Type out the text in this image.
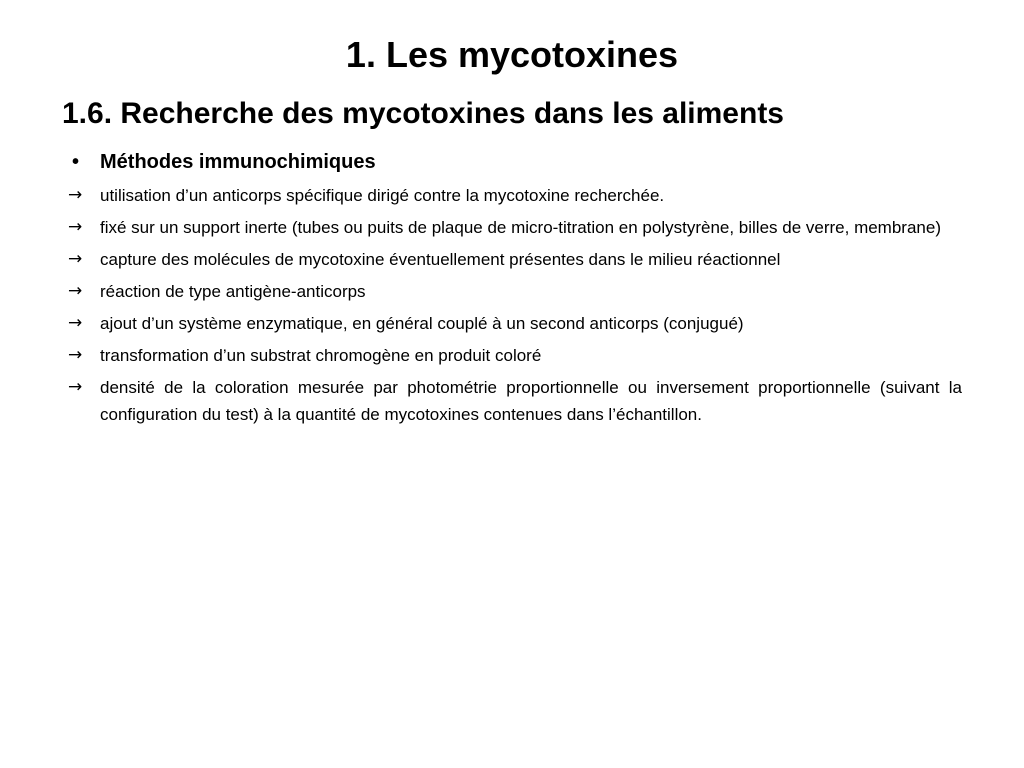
1. Les mycotoxines
1.6. Recherche des mycotoxines dans les aliments
• Méthodes immunochimiques
→ utilisation d’un anticorps spécifique dirigé contre la mycotoxine recherchée.
→ fixé sur un support inerte (tubes ou puits de plaque de micro-titration en polystyrène, billes de verre, membrane)
→ capture des molécules de mycotoxine éventuellement présentes dans le milieu réactionnel
→ réaction de type antigène-anticorps
→ ajout d’un système enzymatique, en général couplé à un second anticorps (conjugué)
→ transformation d’un substrat chromogène en produit coloré
→ densité de la coloration mesurée par photométrie proportionnelle ou inversement proportionnelle (suivant la configuration du test) à la quantité de mycotoxines contenues dans l’échantillon.
